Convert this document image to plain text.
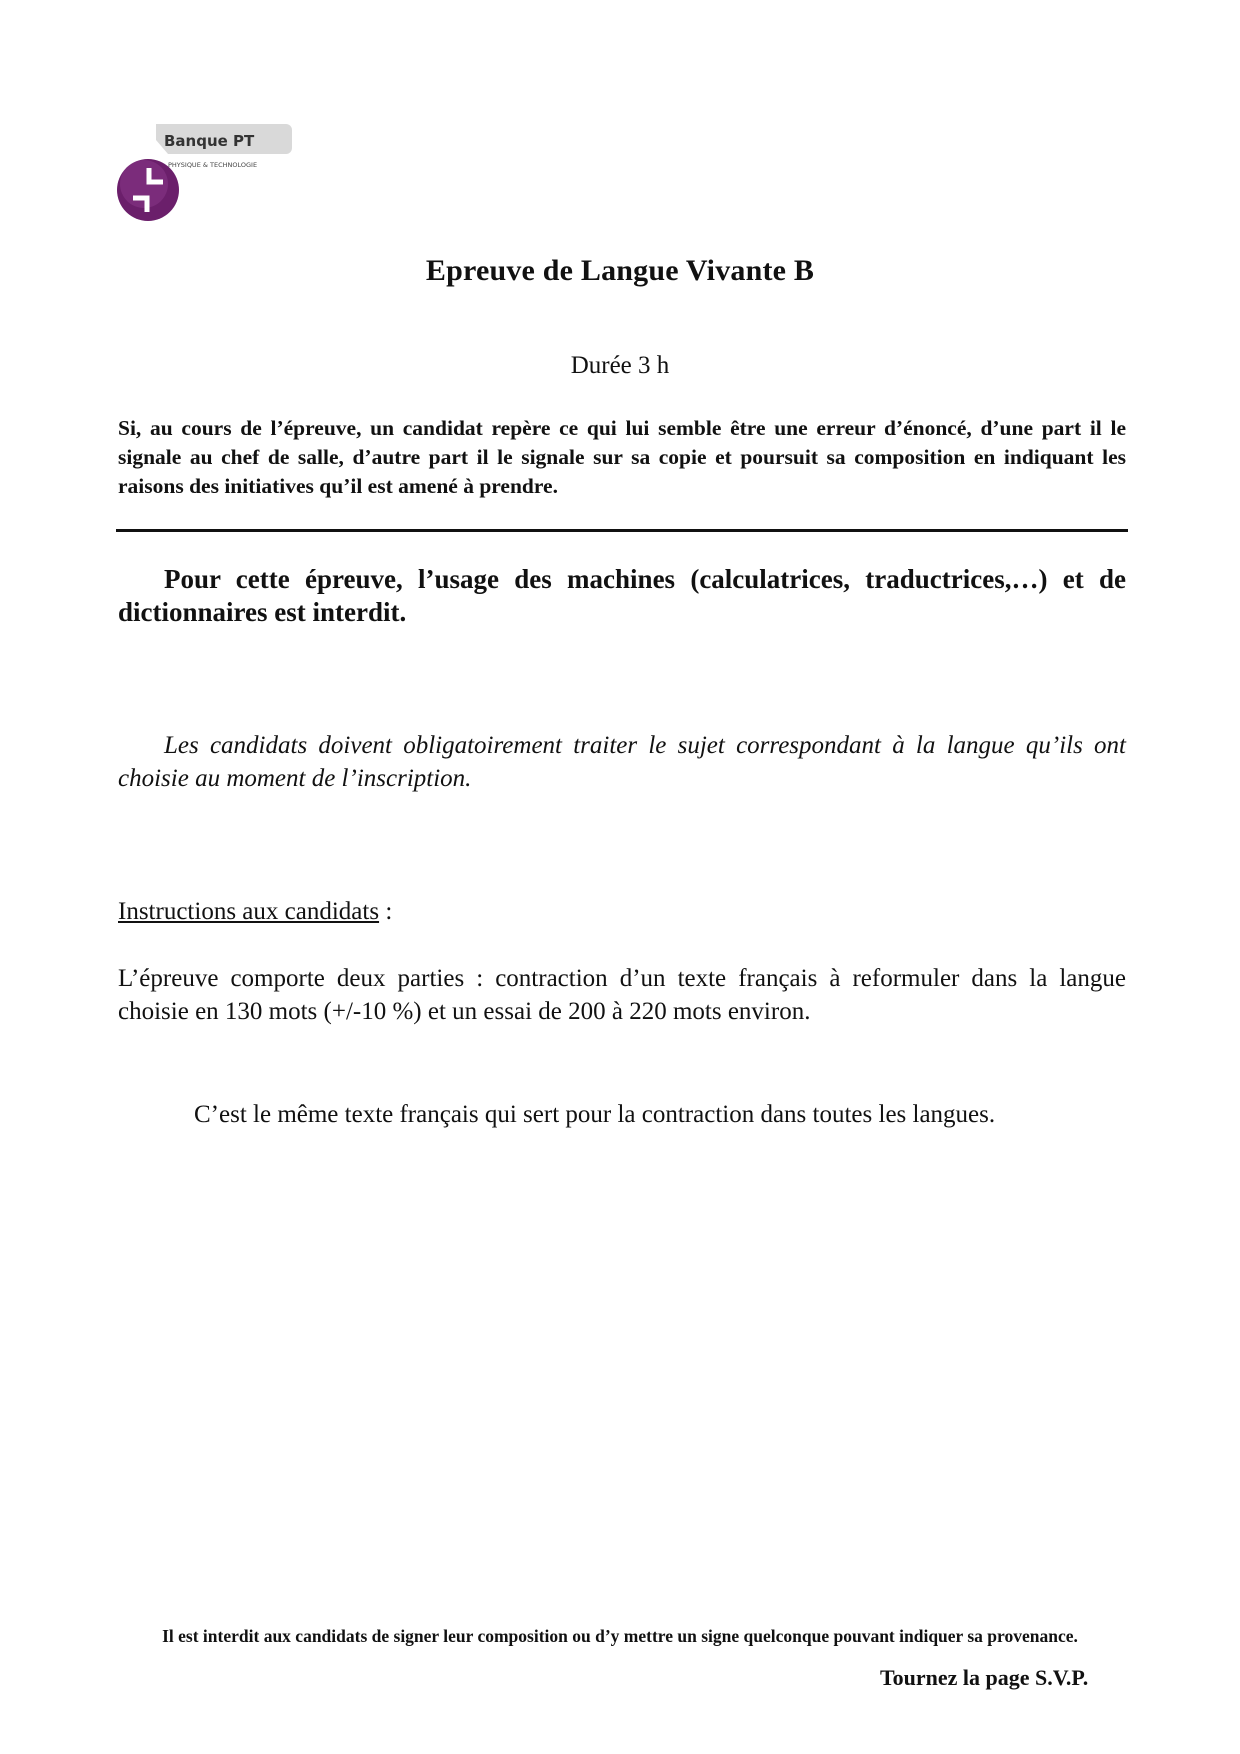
Banque PT
PHYSIQUE & TECHNOLOGIE
Epreuve de Langue Vivante B
Durée 3 h

Si, au cours de l’épreuve, un candidat repère ce qui lui semble être une erreur d’énoncé, d’une part il le signale au chef de salle, d’autre part il le signale sur sa copie et poursuit sa composition en indiquant les raisons des initiatives qu’il est amené à prendre.

Pour cette épreuve, l’usage des machines (calculatrices, traductrices,…) et de dictionnaires est interdit.

Les candidats doivent obligatoirement traiter le sujet correspondant à la langue qu’ils ont choisie au moment de l’inscription.

Instructions aux candidats :

L’épreuve comporte deux parties : contraction d’un texte français à reformuler dans la langue choisie en 130 mots (+/-10 %) et un essai de 200 à 220 mots environ.

C’est le même texte français qui sert pour la contraction dans toutes les langues.

Il est interdit aux candidats de signer leur composition ou d’y mettre un signe quelconque pouvant indiquer sa provenance.

Tournez la page S.V.P.
